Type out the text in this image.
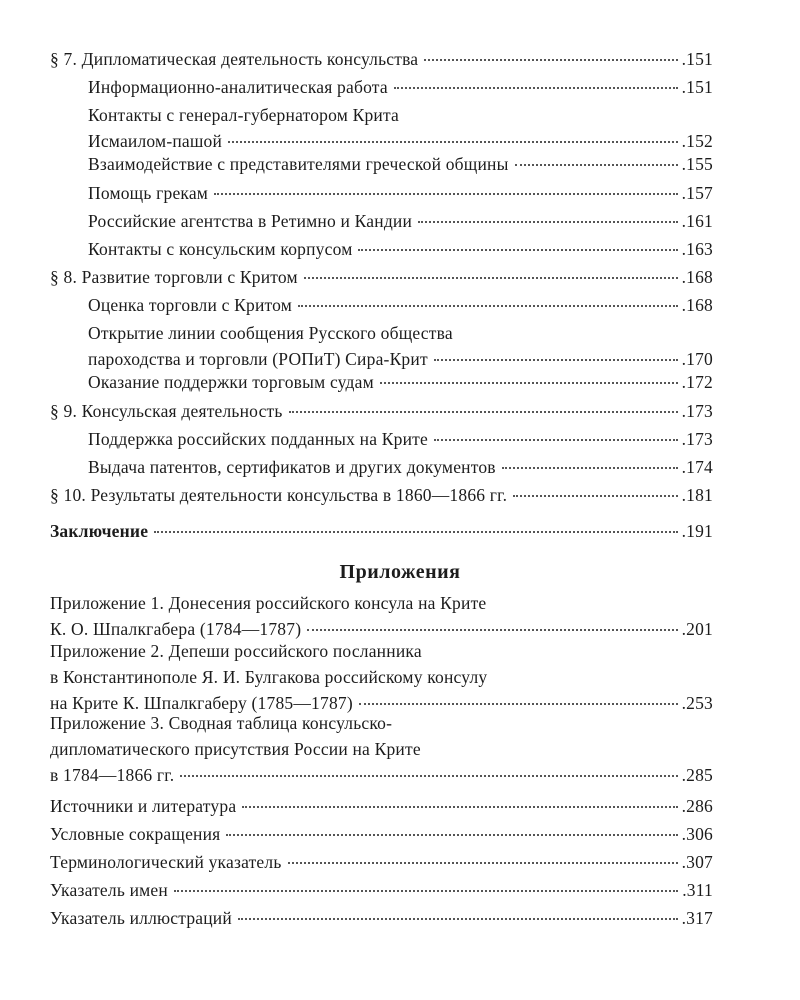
§ 7. Дипломатическая деятельность консульства	.151
Информационно-аналитическая работа	.151
Контакты с генерал-губернатором Крита
Исмаилом-пашой	.152
Взаимодействие с представителями греческой общины	.155
Помощь грекам	.157
Российские агентства в Ретимно и Кандии	.161
Контакты с консульским корпусом	.163
§ 8. Развитие торговли с Критом	.168
Оценка торговли с Критом	.168
Открытие линии сообщения Русского общества
пароходства и торговли (РОПиТ) Сира-Крит	.170
Оказание поддержки торговым судам	.172
§ 9. Консульская деятельность	.173
Поддержка российских подданных на Крите	.173
Выдача патентов, сертификатов и других документов	.174
§ 10. Результаты деятельности консульства в 1860—1866 гг.	.181
Заключение	.191
Приложения
Приложение 1. Донесения российского консула на Крите
К. О. Шпалкгабера (1784—1787)	.201
Приложение 2. Депеши российского посланника
в Константинополе Я. И. Булгакова российскому консулу
на Крите К. Шпалкгаберу (1785—1787)	.253
Приложение 3. Сводная таблица консульско-
дипломатического присутствия России на Крите
в 1784—1866 гг.	.285
Источники и литература	.286
Условные сокращения	.306
Терминологический указатель	.307
Указатель имен	.311
Указатель иллюстраций	.317
